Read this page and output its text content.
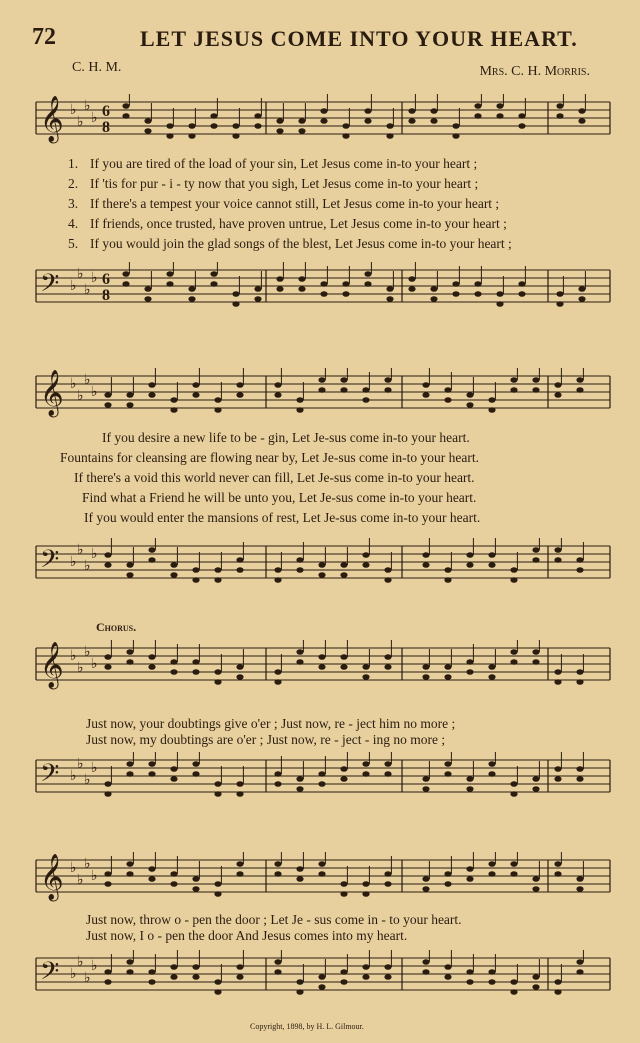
72	LET JESUS COME INTO YOUR HEART.
C. H. M.	Mrs. C. H. Morris.
𝄞 ♭
♭
♭
♭ 6
8
1. If you are tired of the load of your sin, Let Jesus come in-to your heart ;
2. If 'tis for pur - i - ty now that you sigh, Let Jesus come in-to your heart ;
3. If there's a tempest your voice cannot still, Let Jesus come in-to your heart ;
4. If friends, once trusted, have proven untrue, Let Jesus come in-to your heart ;
5. If you would join the glad songs of the blest, Let Jesus come in-to your heart ;
𝄢 ♭
♭
♭
♭ 6
8
𝄞 ♭
♭
♭
♭
If you desire a new life to be - gin, Let Je-sus come in-to your heart.
Fountains for cleansing are flowing near by, Let Je-sus come in-to your heart.
If there's a void this world never can fill, Let Je-sus come in-to your heart.
Find what a Friend he will be unto you, Let Je-sus come in-to your heart.
If you would enter the mansions of rest, Let Je-sus come in-to your heart.
𝄢 ♭
♭
♭
♭
Chorus.
𝄞 ♭
♭
♭
♭
Just now, your doubtings give o'er ; Just now, re - ject him no more ;
Just now, my doubtings are o'er ; Just now, re - ject - ing no more ;
𝄢 ♭
♭
♭
♭
𝄞 ♭
♭
♭
♭
Just now, throw o - pen the door ; Let Je - sus come in - to your heart.
Just now, I o - pen the door And Jesus comes into my heart.
𝄢 ♭
♭
♭
♭
Copyright, 1898, by H. L. Gilmour.
